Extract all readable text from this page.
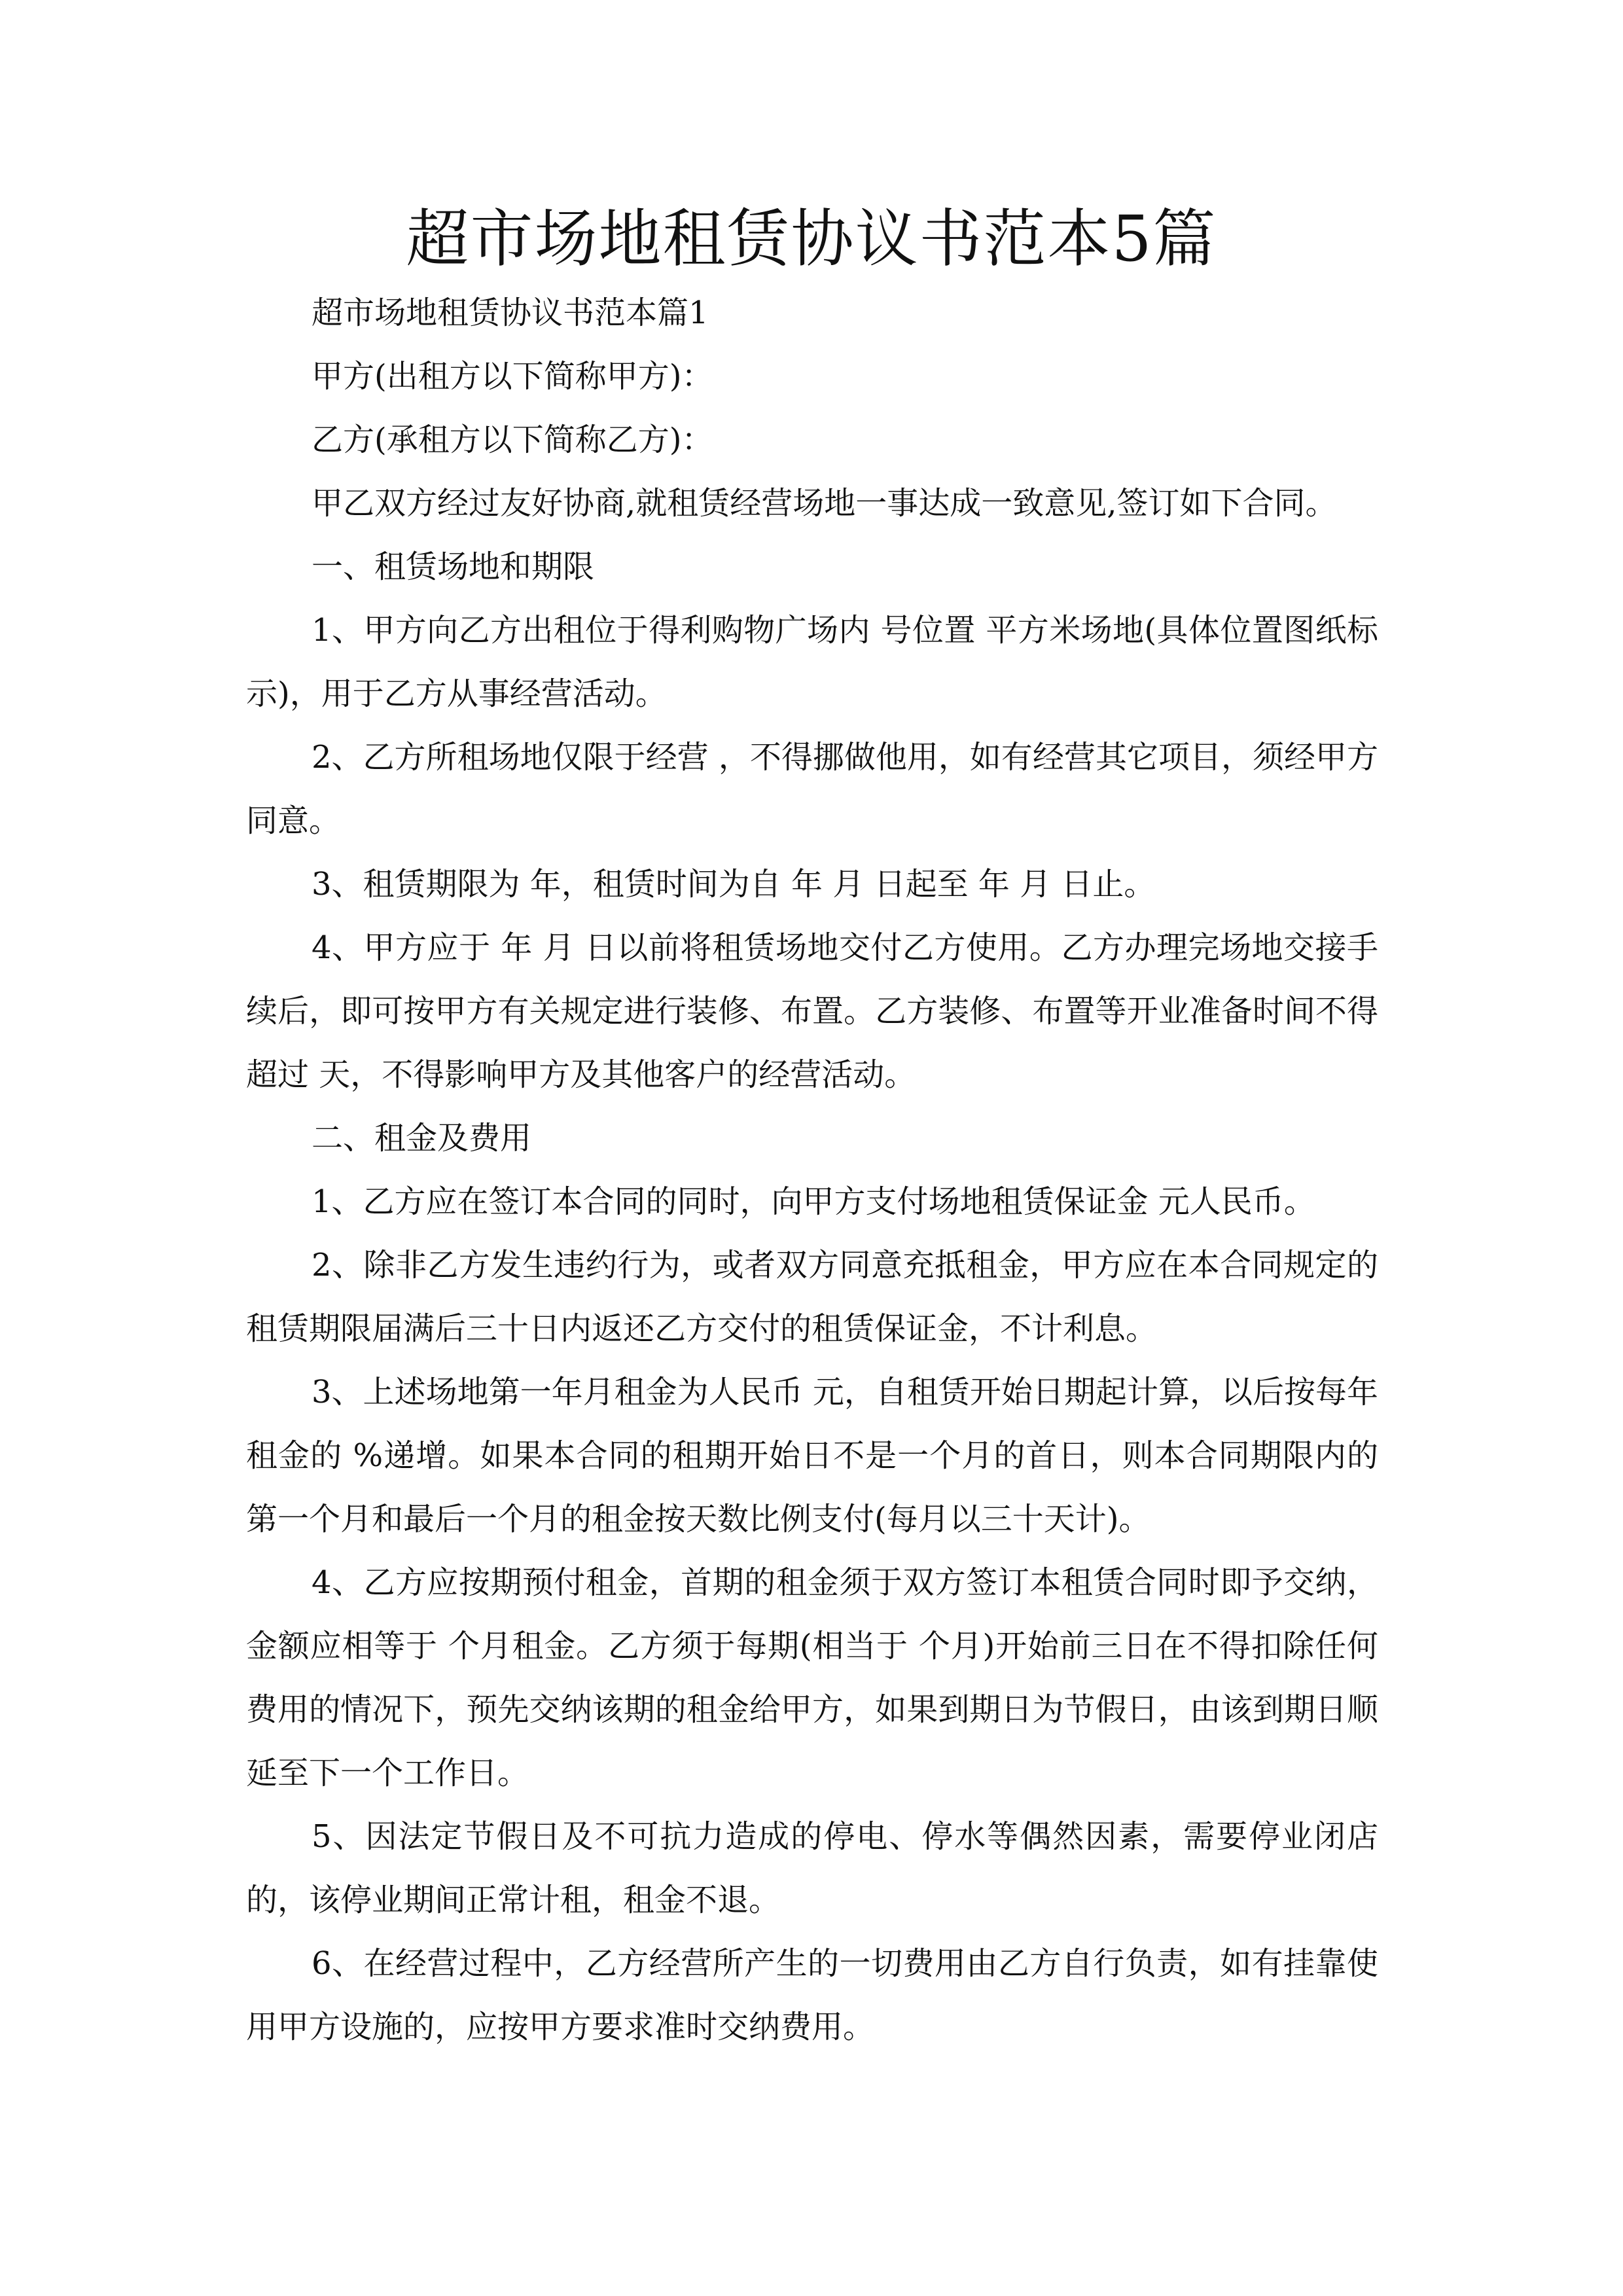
超市场地租赁协议书范本5篇

超市场地租赁协议书范本篇1

甲方(出租方以下简称甲方)：

乙方(承租方以下简称乙方)：

甲乙双方经过友好协商,就租赁经营场地一事达成一致意见,签订如下合同。

一、租赁场地和期限

1、甲方向乙方出租位于得利购物广场内 号位置 平方米场地(具体位置图纸标示)，用于乙方从事经营活动。

2、乙方所租场地仅限于经营 ，不得挪做他用，如有经营其它项目，须经甲方同意。

3、租赁期限为 年，租赁时间为自 年 月 日起至 年 月 日止。

4、甲方应于 年 月 日以前将租赁场地交付乙方使用。乙方办理完场地交接手续后，即可按甲方有关规定进行装修、布置。乙方装修、布置等开业准备时间不得超过 天，不得影响甲方及其他客户的经营活动。

二、租金及费用

1、乙方应在签订本合同的同时，向甲方支付场地租赁保证金 元人民币。

2、除非乙方发生违约行为，或者双方同意充抵租金，甲方应在本合同规定的租赁期限届满后三十日内返还乙方交付的租赁保证金，不计利息。

3、上述场地第一年月租金为人民币 元，自租赁开始日期起计算，以后按每年租金的 %递增。如果本合同的租期开始日不是一个月的首日，则本合同期限内的第一个月和最后一个月的租金按天数比例支付(每月以三十天计)。

4、乙方应按期预付租金，首期的租金须于双方签订本租赁合同时即予交纳，金额应相等于 个月租金。乙方须于每期(相当于 个月)开始前三日在不得扣除任何费用的情况下，预先交纳该期的租金给甲方，如果到期日为节假日，由该到期日顺延至下一个工作日。

5、因法定节假日及不可抗力造成的停电、停水等偶然因素，需要停业闭店的，该停业期间正常计租，租金不退。

6、在经营过程中，乙方经营所产生的一切费用由乙方自行负责，如有挂靠使用甲方设施的，应按甲方要求准时交纳费用。
